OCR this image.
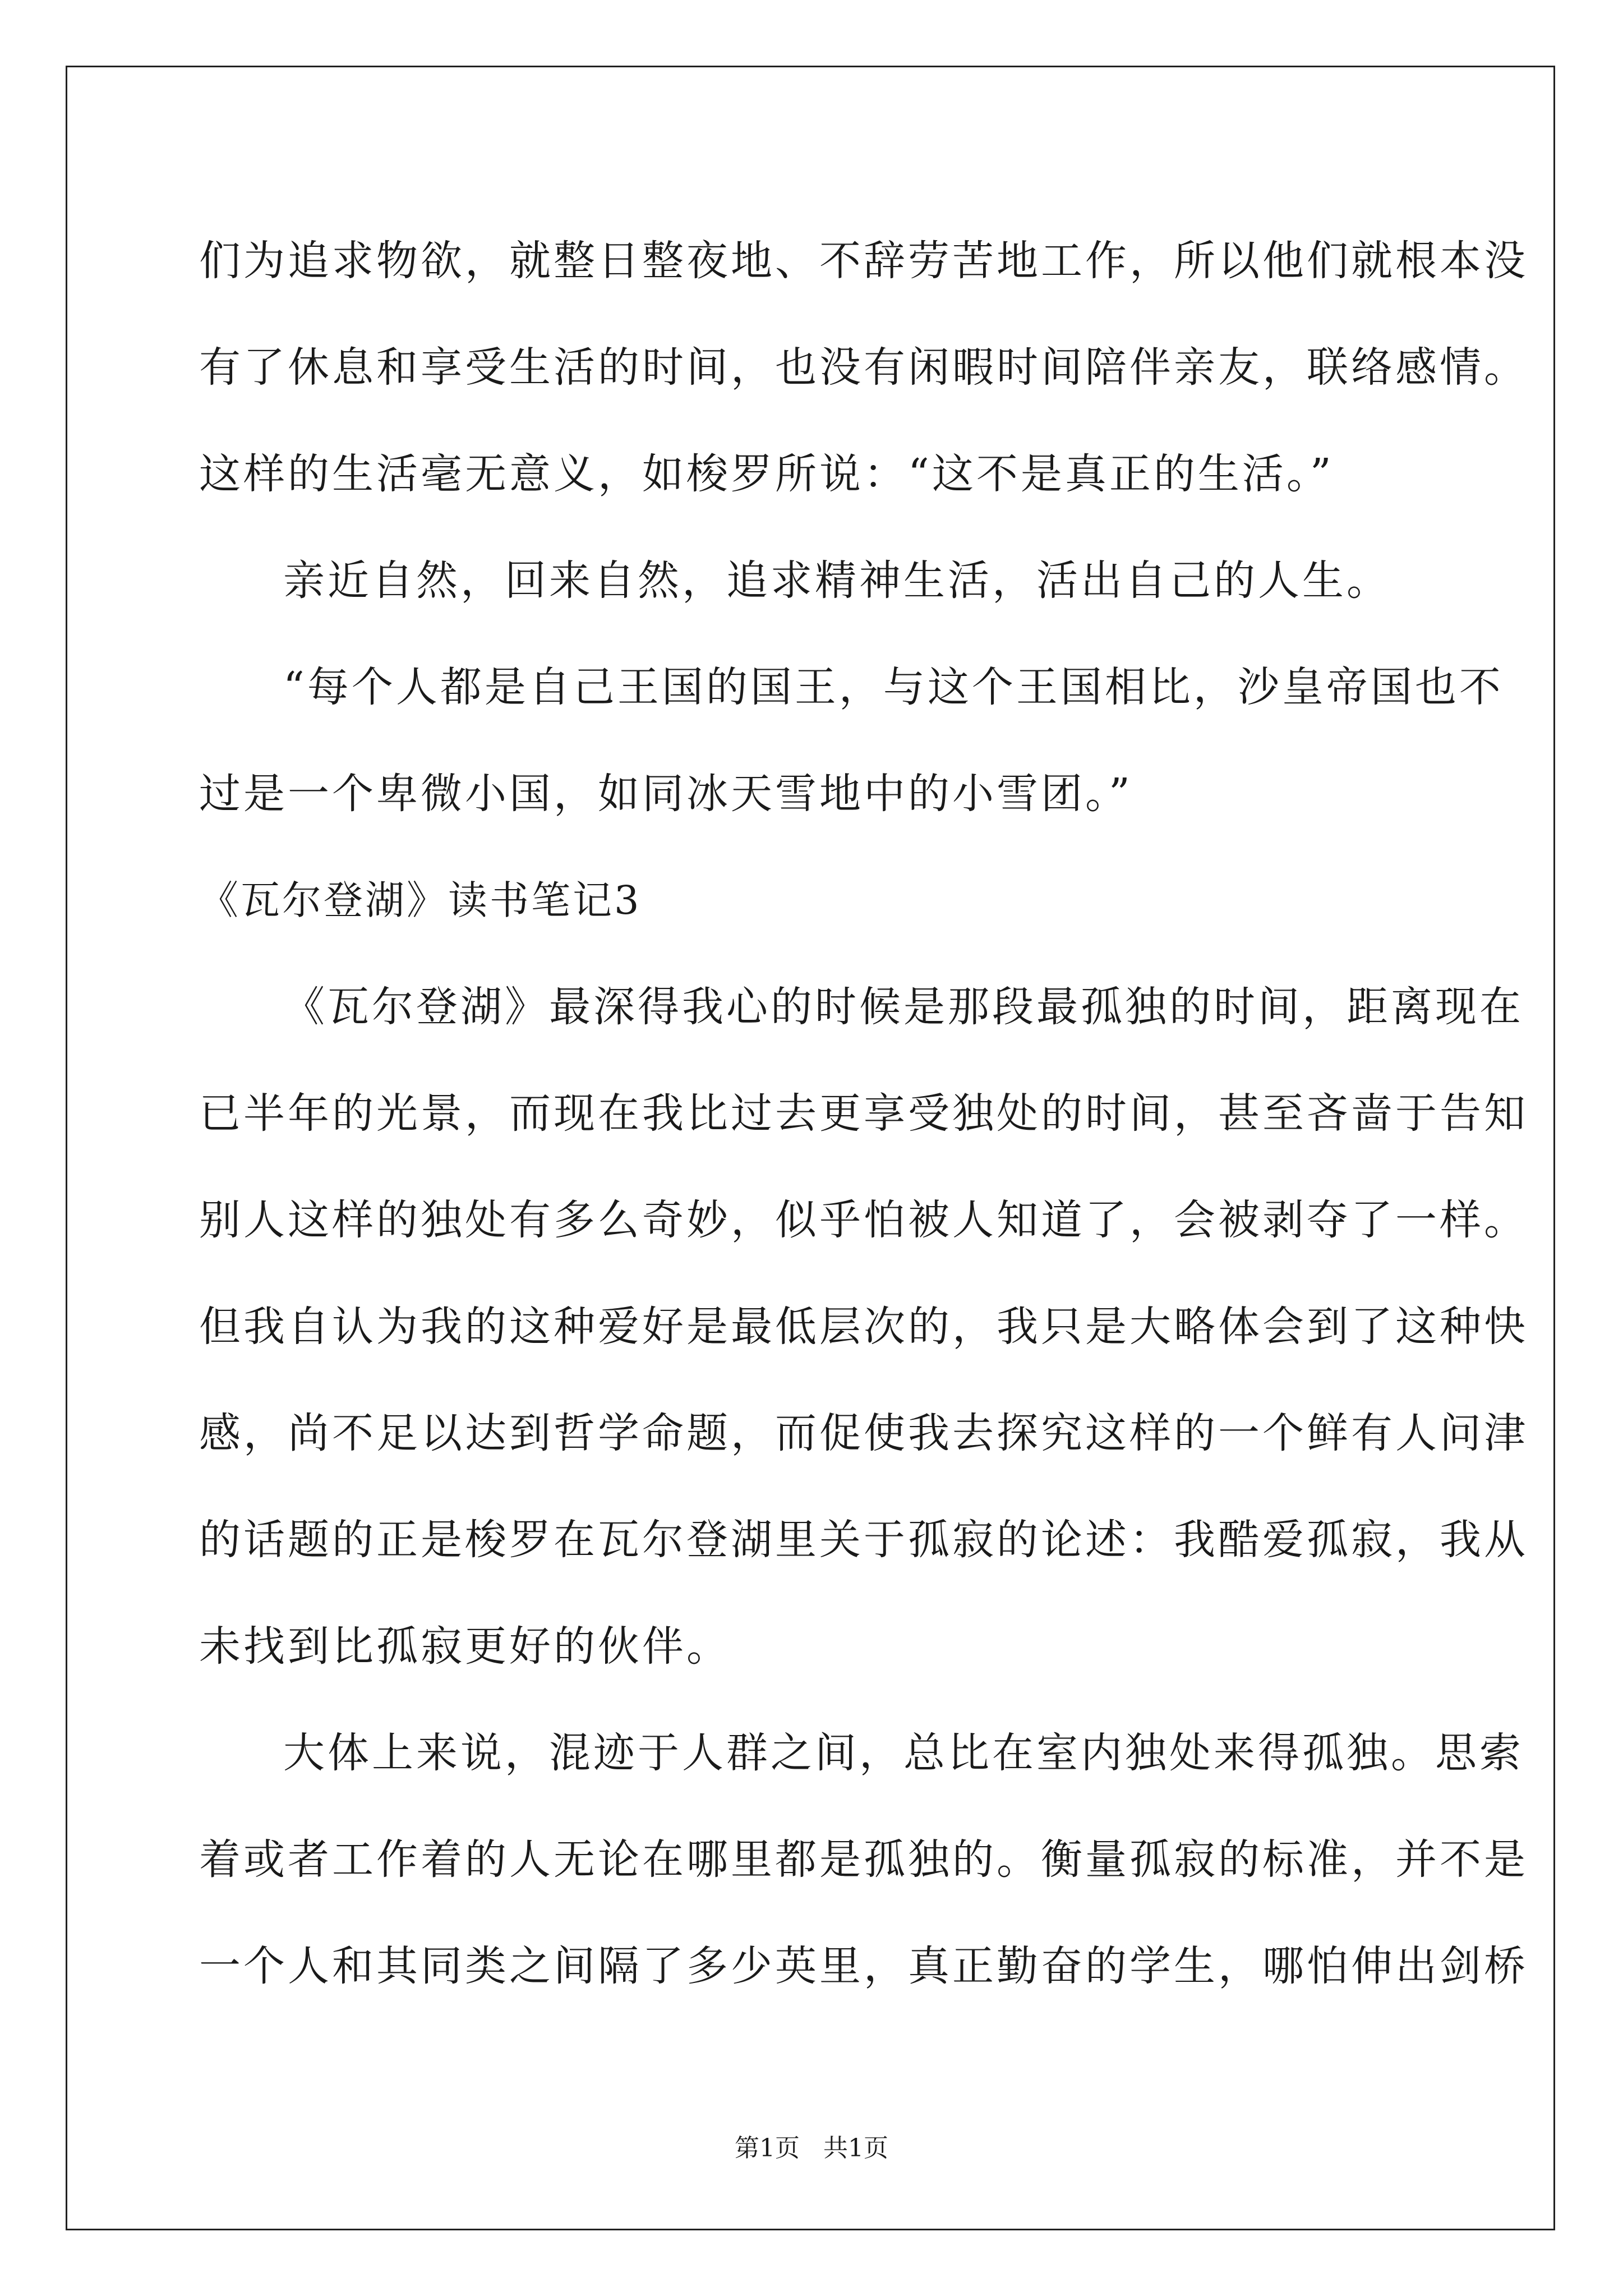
们为追求物欲，就整日整夜地、不辞劳苦地工作，所以他们就根本没
有了休息和享受生活的时间，也没有闲暇时间陪伴亲友，联络感情。
这样的生活毫无意义，如梭罗所说：“这不是真正的生活。”
亲近自然，回来自然，追求精神生活，活出自己的人生。
“每个人都是自己王国的国王，与这个王国相比，沙皇帝国也不
过是一个卑微小国，如同冰天雪地中的小雪团。”
《瓦尔登湖》读书笔记3
《瓦尔登湖》最深得我心的时候是那段最孤独的时间，距离现在
已半年的光景，而现在我比过去更享受独处的时间，甚至吝啬于告知
别人这样的独处有多么奇妙，似乎怕被人知道了，会被剥夺了一样。
但我自认为我的这种爱好是最低层次的，我只是大略体会到了这种快
感，尚不足以达到哲学命题，而促使我去探究这样的一个鲜有人问津
的话题的正是梭罗在瓦尔登湖里关于孤寂的论述：我酷爱孤寂，我从
未找到比孤寂更好的伙伴。
大体上来说，混迹于人群之间，总比在室内独处来得孤独。思索
着或者工作着的人无论在哪里都是孤独的。衡量孤寂的标准，并不是
一个人和其同类之间隔了多少英里，真正勤奋的学生，哪怕伸出剑桥
第1页   共1页
